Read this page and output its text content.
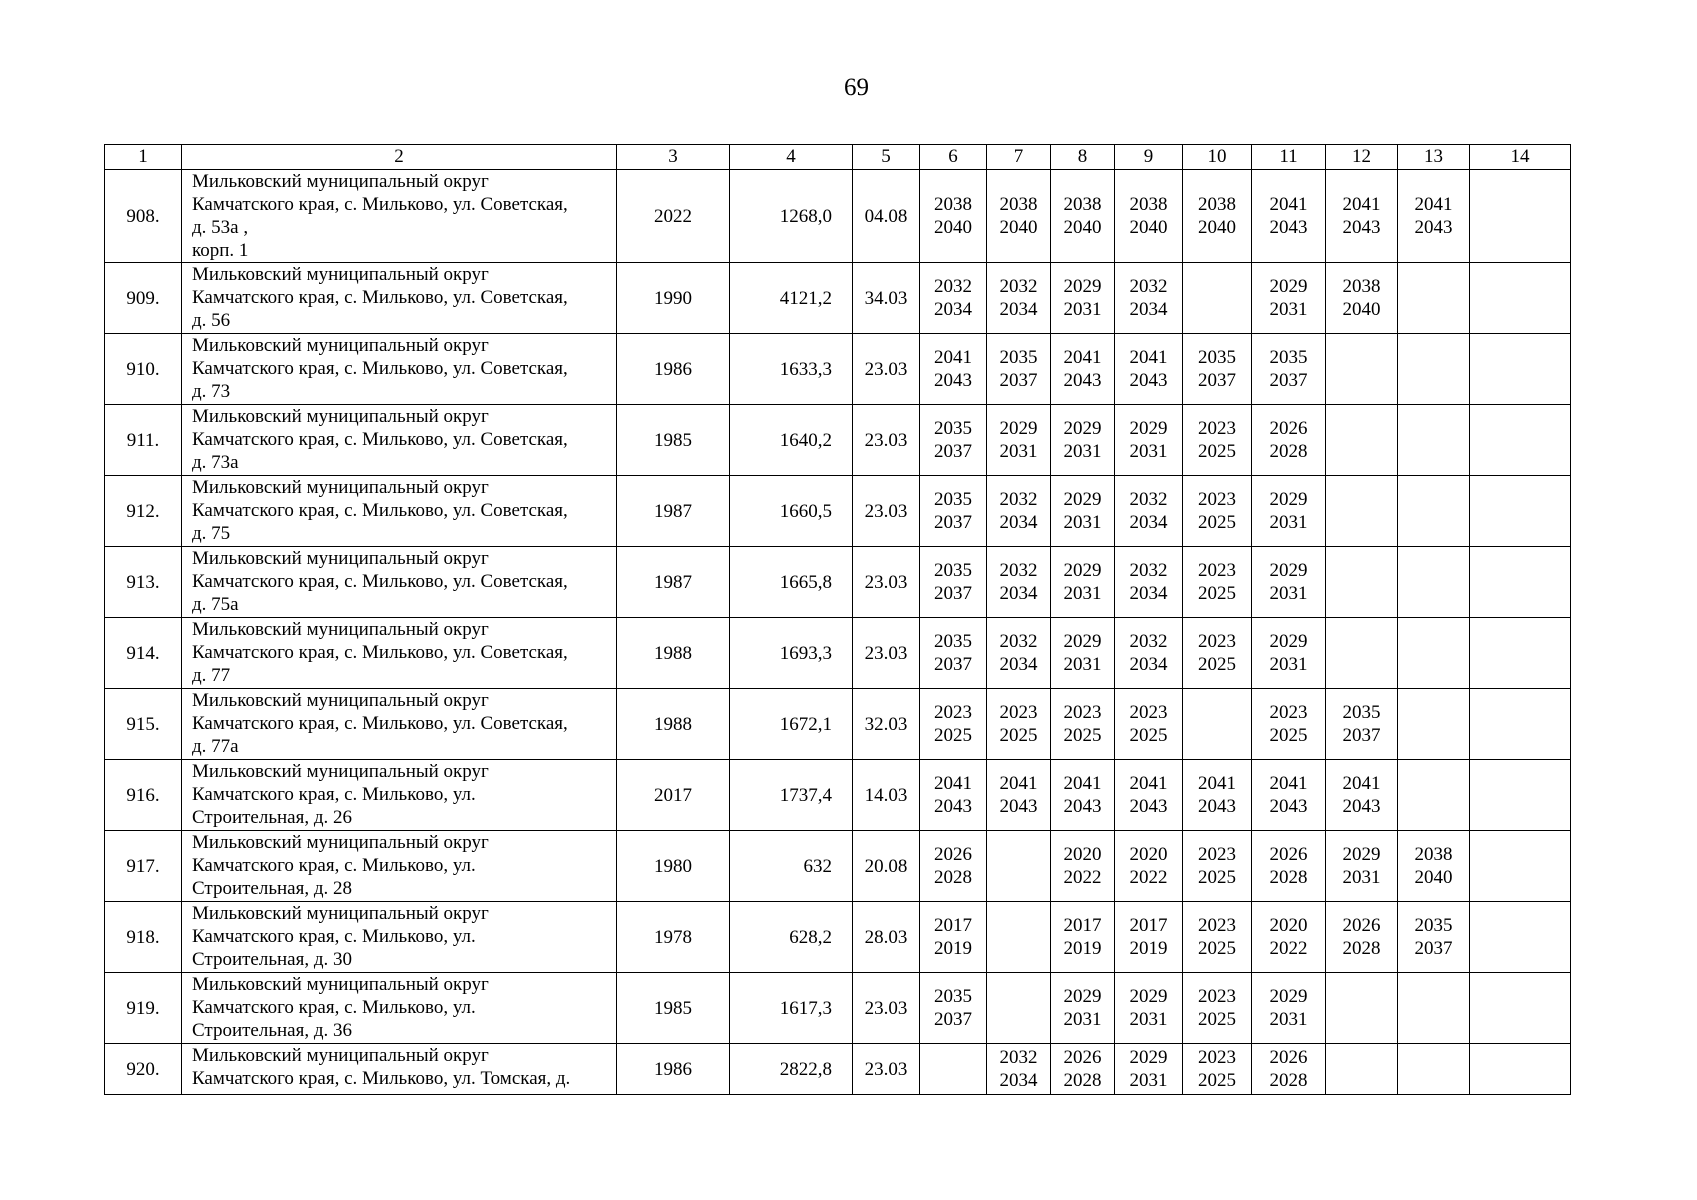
69
1	2	3	4	5	6	7	8	9	10	11	12	13	14
908.	Мильковский муниципальный округ
Камчатского края, с. Мильково, ул. Советская,
д. 53а ,
корп. 1	2022	1268,0	04.08	2038
2040	2038
2040	2038
2040	2038
2040	2038
2040	2041
2043	2041
2043	2041
2043	
909.	Мильковский муниципальный округ
Камчатского края, с. Мильково, ул. Советская,
д. 56	1990	4121,2	34.03	2032
2034	2032
2034	2029
2031	2032
2034		2029
2031	2038
2040		
910.	Мильковский муниципальный округ
Камчатского края, с. Мильково, ул. Советская,
д. 73	1986	1633,3	23.03	2041
2043	2035
2037	2041
2043	2041
2043	2035
2037	2035
2037			
911.	Мильковский муниципальный округ
Камчатского края, с. Мильково, ул. Советская,
д. 73а	1985	1640,2	23.03	2035
2037	2029
2031	2029
2031	2029
2031	2023
2025	2026
2028			
912.	Мильковский муниципальный округ
Камчатского края, с. Мильково, ул. Советская,
д. 75	1987	1660,5	23.03	2035
2037	2032
2034	2029
2031	2032
2034	2023
2025	2029
2031			
913.	Мильковский муниципальный округ
Камчатского края, с. Мильково, ул. Советская,
д. 75а	1987	1665,8	23.03	2035
2037	2032
2034	2029
2031	2032
2034	2023
2025	2029
2031			
914.	Мильковский муниципальный округ
Камчатского края, с. Мильково, ул. Советская,
д. 77	1988	1693,3	23.03	2035
2037	2032
2034	2029
2031	2032
2034	2023
2025	2029
2031			
915.	Мильковский муниципальный округ
Камчатского края, с. Мильково, ул. Советская,
д. 77а	1988	1672,1	32.03	2023
2025	2023
2025	2023
2025	2023
2025		2023
2025	2035
2037		
916.	Мильковский муниципальный округ
Камчатского края, с. Мильково, ул.
Строительная, д. 26	2017	1737,4	14.03	2041
2043	2041
2043	2041
2043	2041
2043	2041
2043	2041
2043	2041
2043		
917.	Мильковский муниципальный округ
Камчатского края, с. Мильково, ул.
Строительная, д. 28	1980	632	20.08	2026
2028		2020
2022	2020
2022	2023
2025	2026
2028	2029
2031	2038
2040	
918.	Мильковский муниципальный округ
Камчатского края, с. Мильково, ул.
Строительная, д. 30	1978	628,2	28.03	2017
2019		2017
2019	2017
2019	2023
2025	2020
2022	2026
2028	2035
2037	
919.	Мильковский муниципальный округ
Камчатского края, с. Мильково, ул.
Строительная, д. 36	1985	1617,3	23.03	2035
2037		2029
2031	2029
2031	2023
2025	2029
2031			
920.	Мильковский муниципальный округ
Камчатского края, с. Мильково, ул. Томская, д.	1986	2822,8	23.03		2032
2034	2026
2028	2029
2031	2023
2025	2026
2028			
